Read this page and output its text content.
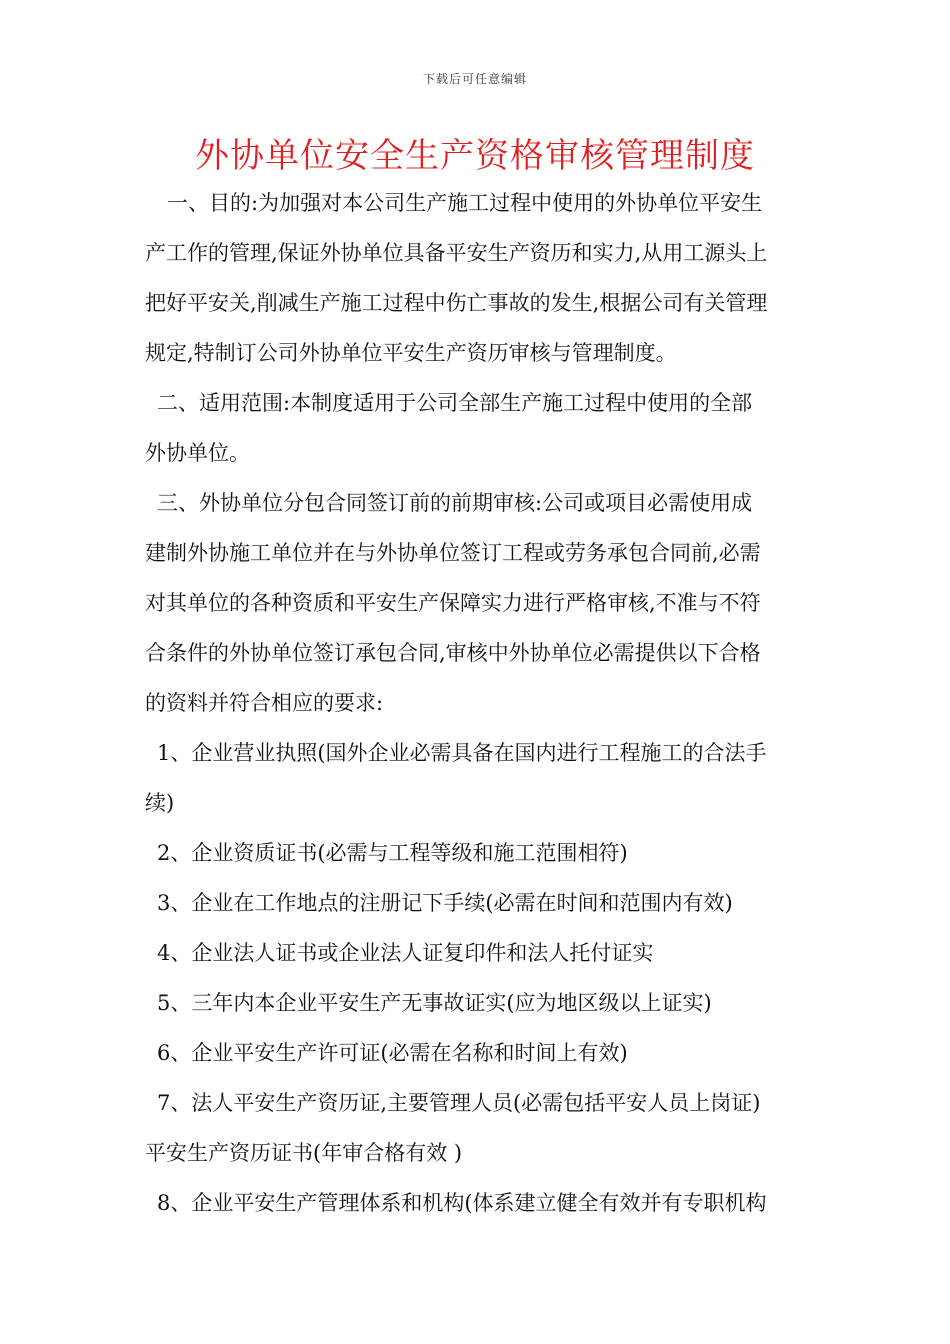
下载后可任意编辑
外协单位安全生产资格审核管理制度
一、目的:为加强对本公司生产施工过程中使用的外协单位平安生
产工作的管理,保证外协单位具备平安生产资历和实力,从用工源头上
把好平安关,削减生产施工过程中伤亡事故的发生,根据公司有关管理
规定,特制订公司外协单位平安生产资历审核与管理制度。
二、适用范围:本制度适用于公司全部生产施工过程中使用的全部
外协单位。
三、外协单位分包合同签订前的前期审核:公司或项目必需使用成
建制外协施工单位并在与外协单位签订工程或劳务承包合同前,必需
对其单位的各种资质和平安生产保障实力进行严格审核,不准与不符
合条件的外协单位签订承包合同,审核中外协单位必需提供以下合格
的资料并符合相应的要求:
1、企业营业执照(国外企业必需具备在国内进行工程施工的合法手
续)
2、企业资质证书(必需与工程等级和施工范围相符)
3、企业在工作地点的注册记下手续(必需在时间和范围内有效)
4、企业法人证书或企业法人证复印件和法人托付证实
5、三年内本企业平安生产无事故证实(应为地区级以上证实)
6、企业平安生产许可证(必需在名称和时间上有效)
7、法人平安生产资历证,主要管理人员(必需包括平安人员上岗证)
平安生产资历证书(年审合格有效 )
8、企业平安生产管理体系和机构(体系建立健全有效并有专职机构
